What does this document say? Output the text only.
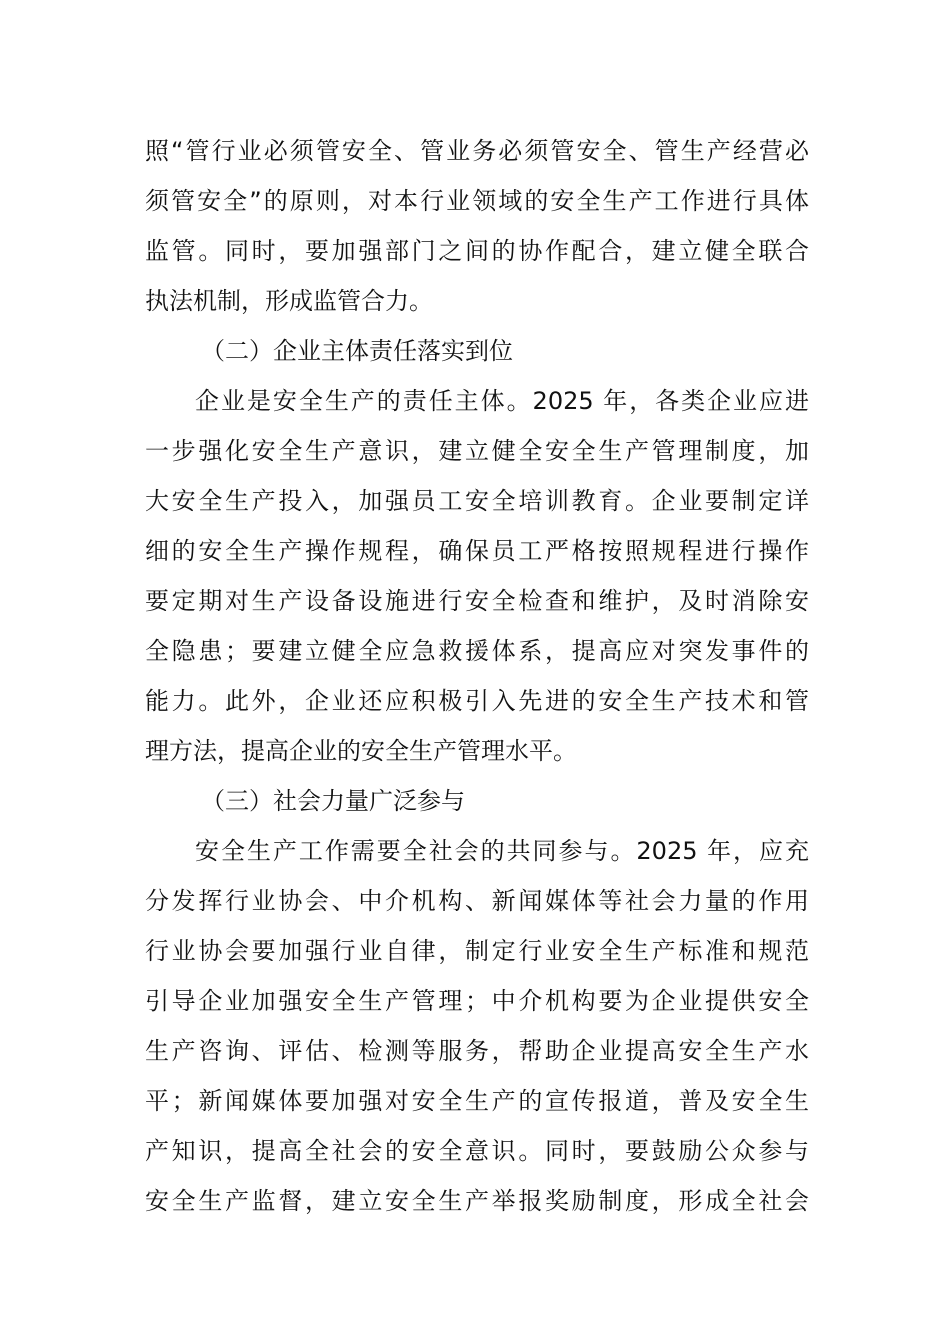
照“管行业必须管安全、管业务必须管安全、管生产经营必
须管安全”的原则，对本行业领域的安全生产工作进行具体
监管。同时，要加强部门之间的协作配合，建立健全联合
执法机制，形成监管合力。
（二）企业主体责任落实到位
企业是安全生产的责任主体。2025 年，各类企业应进
一步强化安全生产意识，建立健全安全生产管理制度，加
大安全生产投入，加强员工安全培训教育。企业要制定详
细的安全生产操作规程，确保员工严格按照规程进行操作
要定期对生产设备设施进行安全检查和维护，及时消除安
全隐患；要建立健全应急救援体系，提高应对突发事件的
能力。此外，企业还应积极引入先进的安全生产技术和管
理方法，提高企业的安全生产管理水平。
（三）社会力量广泛参与
安全生产工作需要全社会的共同参与。2025 年，应充
分发挥行业协会、中介机构、新闻媒体等社会力量的作用
行业协会要加强行业自律，制定行业安全生产标准和规范
引导企业加强安全生产管理；中介机构要为企业提供安全
生产咨询、评估、检测等服务，帮助企业提高安全生产水
平；新闻媒体要加强对安全生产的宣传报道，普及安全生
产知识，提高全社会的安全意识。同时，要鼓励公众参与
安全生产监督，建立安全生产举报奖励制度，形成全社会
